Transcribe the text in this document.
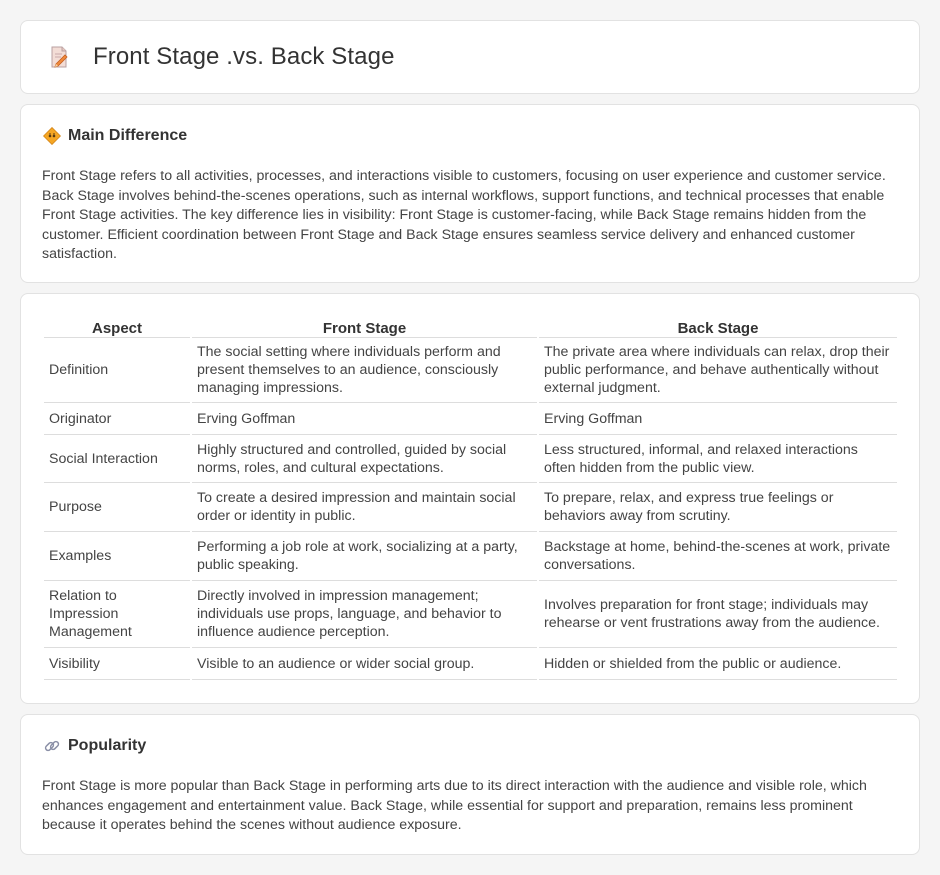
Front Stage .vs. Back Stage
Main Difference

Front Stage refers to all activities, processes, and interactions visible to customers, focusing on user experience and customer service. Back Stage involves behind-the-scenes operations, such as internal workflows, support functions, and technical processes that enable Front Stage activities. The key difference lies in visibility: Front Stage is customer-facing, while Back Stage remains hidden from the customer. Efficient coordination between Front Stage and Back Stage ensures seamless service delivery and enhanced customer satisfaction.

Aspect	Front Stage	Back Stage
Definition	The social setting where individuals perform and present themselves to an audience, consciously managing impressions.	The private area where individuals can relax, drop their public performance, and behave authentically without external judgment.
Originator	Erving Goffman	Erving Goffman
Social Interaction	Highly structured and controlled, guided by social norms, roles, and cultural expectations.	Less structured, informal, and relaxed interactions often hidden from the public view.
Purpose	To create a desired impression and maintain social order or identity in public.	To prepare, relax, and express true feelings or behaviors away from scrutiny.
Examples	Performing a job role at work, socializing at a party, public speaking.	Backstage at home, behind-the-scenes at work, private conversations.
Relation to Impression Management	Directly involved in impression management; individuals use props, language, and behavior to influence audience perception.	Involves preparation for front stage; individuals may rehearse or vent frustrations away from the audience.
Visibility	Visible to an audience or wider social group.	Hidden or shielded from the public or audience.
Popularity

Front Stage is more popular than Back Stage in performing arts due to its direct interaction with the audience and visible role, which enhances engagement and entertainment value. Back Stage, while essential for support and preparation, remains less prominent because it operates behind the scenes without audience exposure.
